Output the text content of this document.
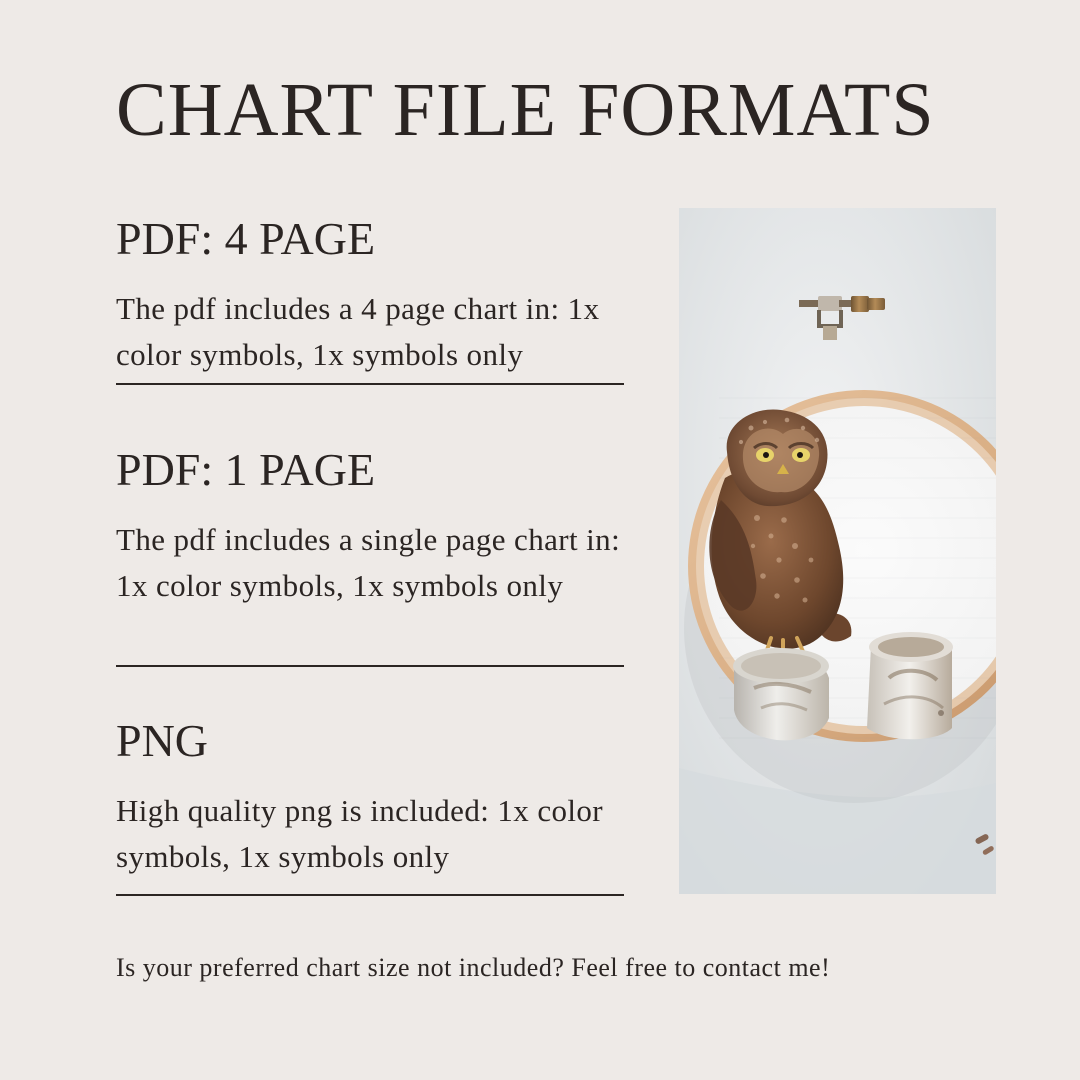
CHART FILE FORMATS
PDF: 4 PAGE
The pdf includes a 4 page chart in: 1x color symbols, 1x symbols only
PDF: 1 PAGE
The pdf includes a single page chart in: 1x color symbols, 1x symbols only
PNG
High quality png is included: 1x color symbols, 1x symbols only
Is your preferred chart size not included? Feel free to contact me!
